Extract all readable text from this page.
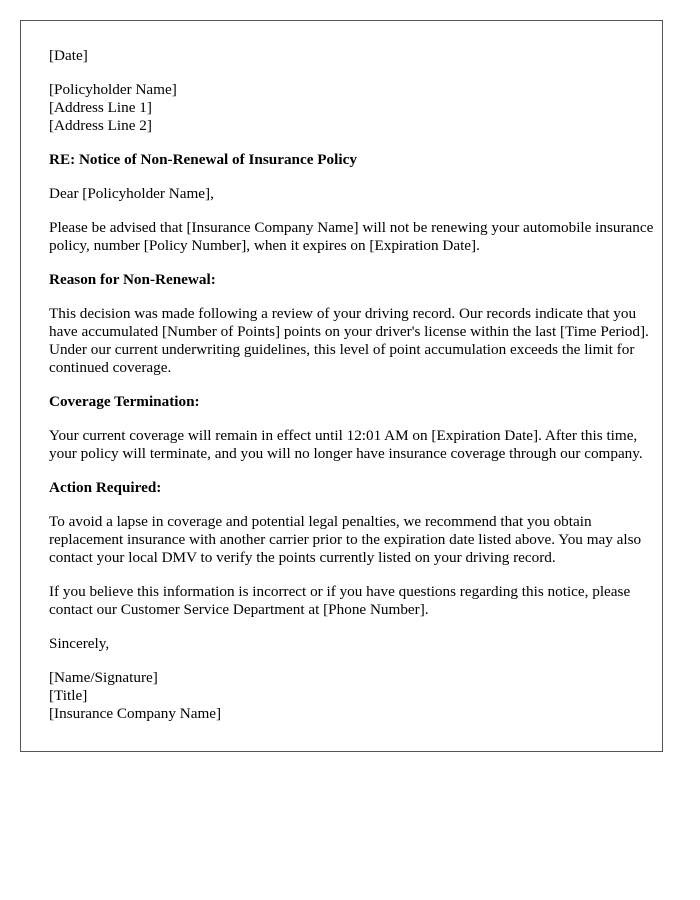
[Date]

[Policyholder Name]
[Address Line 1]
[Address Line 2]

RE: Notice of Non-Renewal of Insurance Policy

Dear [Policyholder Name],

Please be advised that [Insurance Company Name] will not be renewing your automobile insurance policy, number [Policy Number], when it expires on [Expiration Date].

Reason for Non-Renewal:

This decision was made following a review of your driving record. Our records indicate that you have accumulated [Number of Points] points on your driver's license within the last [Time Period]. Under our current underwriting guidelines, this level of point accumulation exceeds the limit for continued coverage.

Coverage Termination:

Your current coverage will remain in effect until 12:01 AM on [Expiration Date]. After this time, your policy will terminate, and you will no longer have insurance coverage through our company.

Action Required:

To avoid a lapse in coverage and potential legal penalties, we recommend that you obtain replacement insurance with another carrier prior to the expiration date listed above. You may also contact your local DMV to verify the points currently listed on your driving record.

If you believe this information is incorrect or if you have questions regarding this notice, please contact our Customer Service Department at [Phone Number].

Sincerely,

[Name/Signature]
[Title]
[Insurance Company Name]
